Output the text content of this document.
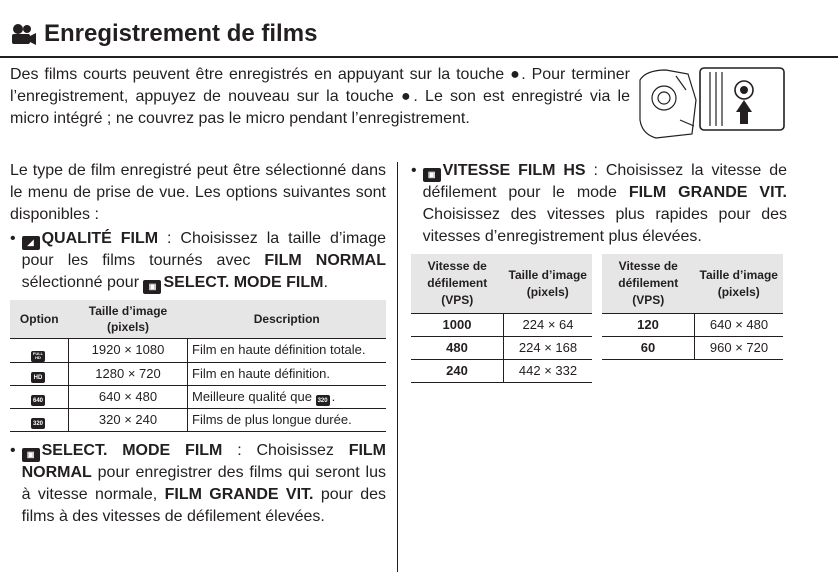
Enregistrement de films

Des films courts peuvent être enregistrés en appuyant sur la touche ●. Pour terminer l’enregistrement, appuyez de nouveau sur la touche ●. Le son est enregistré via le micro intégré ; ne couvrez pas le micro pendant l’enregistrement.

Le type de film enregistré peut être sélectionné dans le menu de prise de vue. Les options suivantes sont disponibles :

•	◢ QUALITÉ FILM : Choisissez la taille d’image pour les films tournés avec FILM NORMAL sélectionné pour ▣ SELECT. MODE FILM.
Option	Taille d’image (pixels)	Description
FULL HD	1920 × 1080	Film en haute définition totale.
HD	1280 × 720	Film en haute définition.
640	640 × 480	Meilleure qualité que 320 .
320	320 × 240	Films de plus longue durée.
•	▣ SELECT. MODE FILM : Choisissez FILM NORMAL pour enregistrer des films qui seront lus à vitesse normale, FILM GRANDE VIT. pour des films à des vitesses de défilement élevées.
•	▣ VITESSE FILM HS : Choisissez la vitesse de défilement pour le mode FILM GRANDE VIT. Choisissez des vitesses plus rapides pour des vitesses d’enregistrement plus élevées.
Vitesse de défilement (VPS)	Taille d’image (pixels)
1000	224 × 64
480	224 × 168
240	442 × 332
Vitesse de défilement (VPS)	Taille d’image (pixels)
120	640 × 480
60	960 × 720
